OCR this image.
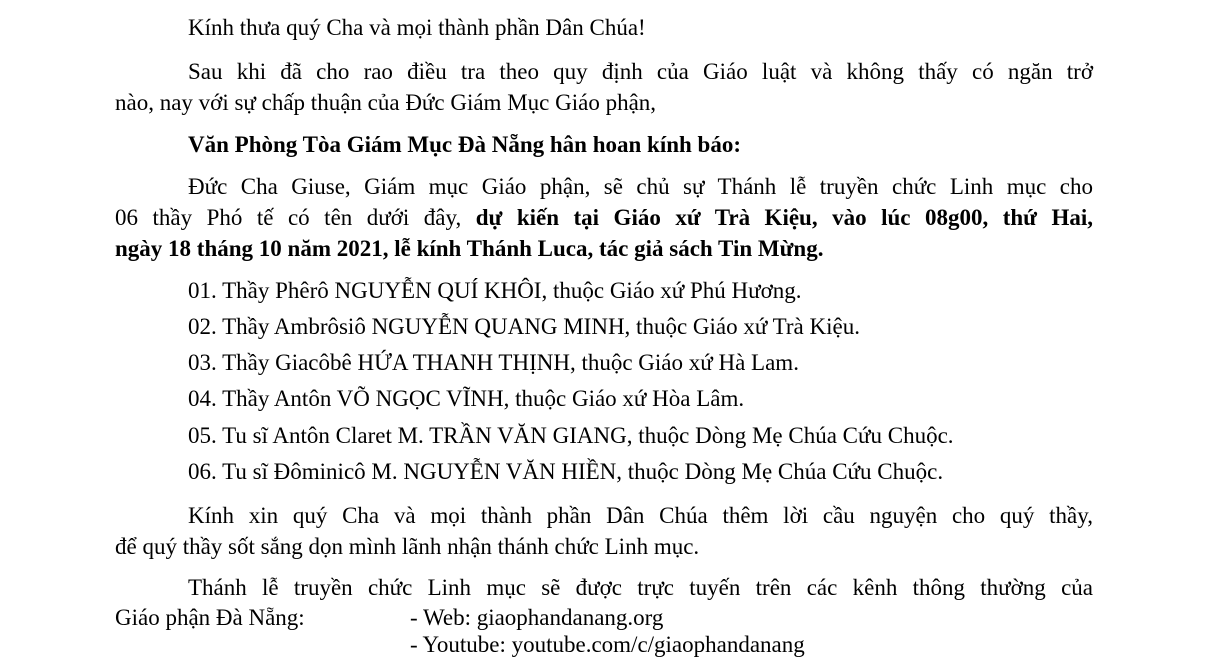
Kính thưa quý Cha và mọi thành phần Dân Chúa!
Sau khi đã cho rao điều tra theo quy định của Giáo luật và không thấy có ngăn trở
nào, nay với sự chấp thuận của Đức Giám Mục Giáo phận,
Văn Phòng Tòa Giám Mục Đà Nẵng hân hoan kính báo:
Đức Cha Giuse, Giám mục Giáo phận, sẽ chủ sự Thánh lễ truyền chức Linh mục cho
06 thầy Phó tế có tên dưới đây, dự kiến tại Giáo xứ Trà Kiệu, vào lúc 08g00, thứ Hai,
ngày 18 tháng 10 năm 2021, lễ kính Thánh Luca, tác giả sách Tin Mừng.
01. Thầy Phêrô NGUYỄN QUÍ KHÔI, thuộc Giáo xứ Phú Hương.
02. Thầy Ambrôsiô NGUYỄN QUANG MINH, thuộc Giáo xứ Trà Kiệu.
03. Thầy Giacôbê HỨA THANH THỊNH, thuộc Giáo xứ Hà Lam.
04. Thầy Antôn VÕ NGỌC VĨNH, thuộc Giáo xứ Hòa Lâm.
05. Tu sĩ Antôn Claret M. TRẦN VĂN GIANG, thuộc Dòng Mẹ Chúa Cứu Chuộc.
06. Tu sĩ Đôminicô M. NGUYỄN VĂN HIỀN, thuộc Dòng Mẹ Chúa Cứu Chuộc.
Kính xin quý Cha và mọi thành phần Dân Chúa thêm lời cầu nguyện cho quý thầy,
để quý thầy sốt sắng dọn mình lãnh nhận thánh chức Linh mục.
Thánh lễ truyền chức Linh mục sẽ được trực tuyến trên các kênh thông thường của
Giáo phận Đà Nẵng:	- Web: giaophandanang.org
- Youtube: youtube.com/c/giaophandanang
